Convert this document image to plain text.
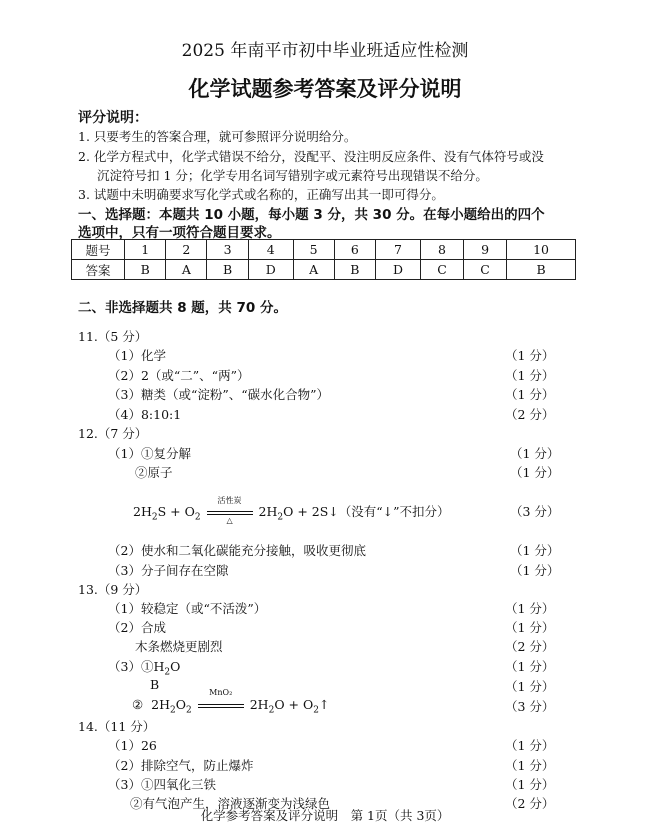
2025 年南平市初中毕业班适应性检测
化学试题参考答案及评分说明
评分说明：
1. 只要考生的答案合理，就可参照评分说明给分。
2. 化学方程式中，化学式错误不给分，没配平、没注明反应条件、没有气体符号或没
沉淀符号扣 1 分；化学专用名词写错别字或元素符号出现错误不给分。
3. 试题中未明确要求写化学式或名称的，正确写出其一即可得分。
一、选择题：本题共 10 小题，每小题 3 分，共 30 分。在每小题给出的四个
选项中，只有一项符合题目要求。
题号	1	2	3	4	5	6	7	8	9	10
答案	B	A	B	D	A	B	D	C	C	B
二、非选择题共 8 题，共 70 分。
11.（5 分）
（1）化学	（1 分）
（2）2（或“二”、“两”）	（1 分）
（3）糖类（或“淀粉”、“碳水化合物”）	（1 分）
（4）8:10:1	（2 分）
12.（7 分）
（1）①复分解	（1 分）
②原子	（1 分）
$2H_2S + O_2$
活性炭
△
$2H_2O$ + 2S↓（没有“↓”不扣分）	（3 分）
（2）使水和二氧化碳能充分接触，吸收更彻底	（1 分）
（3）分子间存在空隙	（1 分）
13.（9 分）
（1）较稳定（或“不活泼”）	（1 分）
（2）合成	（1 分）
木条燃烧更剧烈	（2 分）
$(3)①H_2O$	（1 分）
B	（1 分）
② $2H_2O_2$
MnO₂
$2H_2O$ + $O_2↑$	（3 分）
14.（11 分）
（1）26	（1 分）
（2）排除空气，防止爆炸	（1 分）
（3）①四氧化三铁	（1 分）
②有气泡产生，溶液逐渐变为浅绿色	（2 分）
化学参考答案及评分说明　第 1页（共 3页）
